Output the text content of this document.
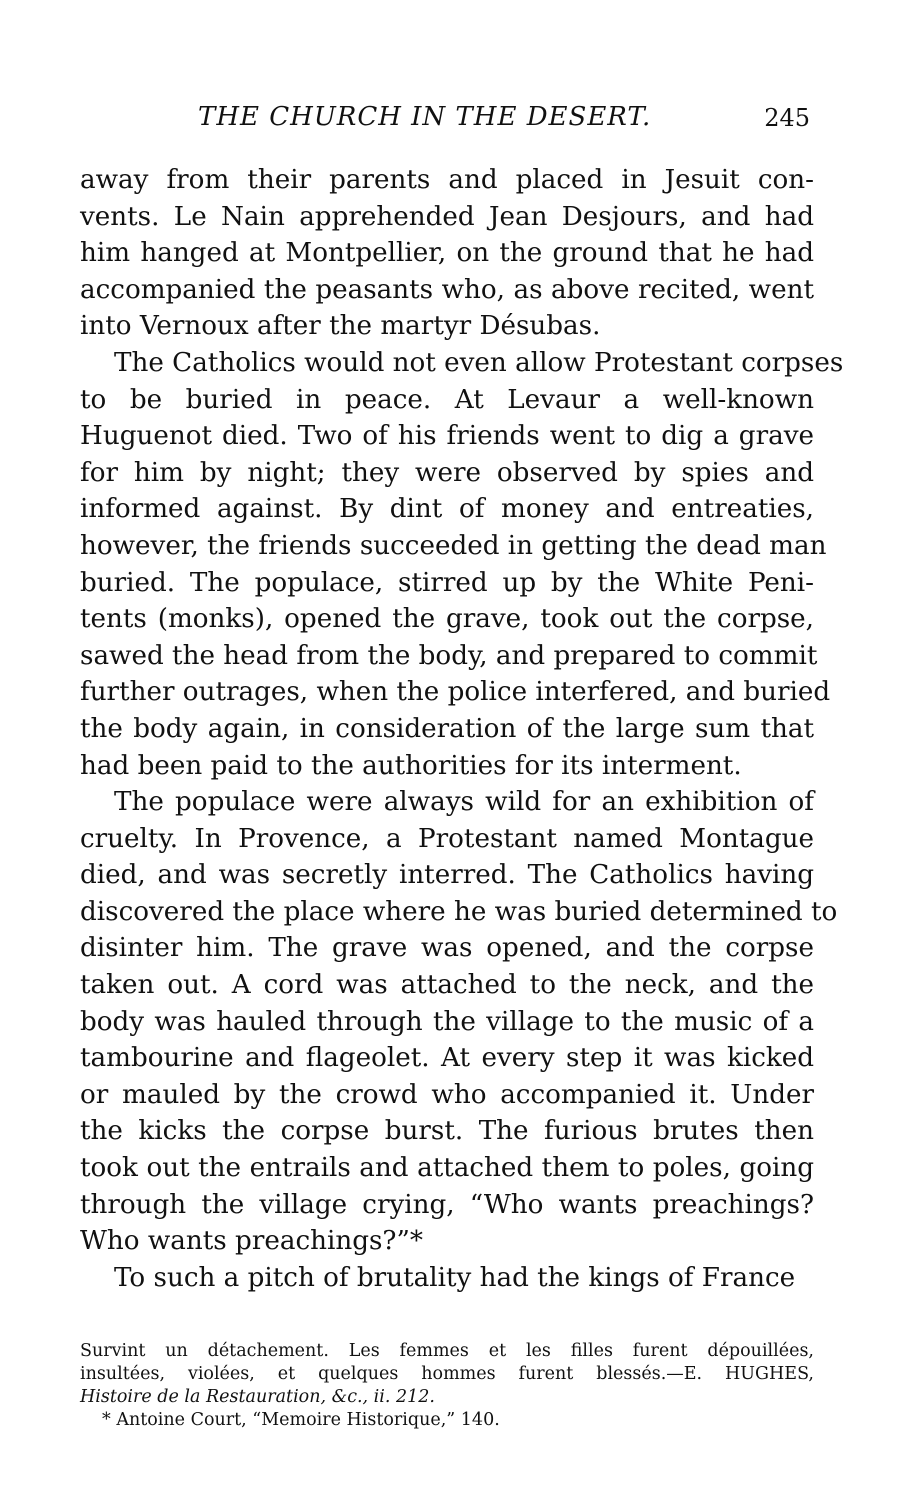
THE CHURCH IN THE DESERT.	245
away from their parents and placed in Jesuit con-
vents. Le Nain apprehended Jean Desjours, and had
him hanged at Montpellier, on the ground that he had
accompanied the peasants who, as above recited, went
into Vernoux after the martyr Désubas.
The Catholics would not even allow Protestant corpses
to be buried in peace. At Levaur a well-known
Huguenot died. Two of his friends went to dig a grave
for him by night; they were observed by spies and
informed against. By dint of money and entreaties,
however, the friends succeeded in getting the dead man
buried. The populace, stirred up by the White Peni-
tents (monks), opened the grave, took out the corpse,
sawed the head from the body, and prepared to commit
further outrages, when the police interfered, and buried
the body again, in consideration of the large sum that
had been paid to the authorities for its interment.
The populace were always wild for an exhibition of
cruelty. In Provence, a Protestant named Montague
died, and was secretly interred. The Catholics having
discovered the place where he was buried determined to
disinter him. The grave was opened, and the corpse
taken out. A cord was attached to the neck, and the
body was hauled through the village to the music of a
tambourine and flageolet. At every step it was kicked
or mauled by the crowd who accompanied it. Under
the kicks the corpse burst. The furious brutes then
took out the entrails and attached them to poles, going
through the village crying, “Who wants preachings?
Who wants preachings?”*
To such a pitch of brutality had the kings of France
Survint un détachement. Les femmes et les filles furent dépouillées,
insultées, violées, et quelques hommes furent blessés.—E. HUGHES,
Histoire de la Restauration, &c., ii. 212.
* Antoine Court, “Memoire Historique,” 140.
